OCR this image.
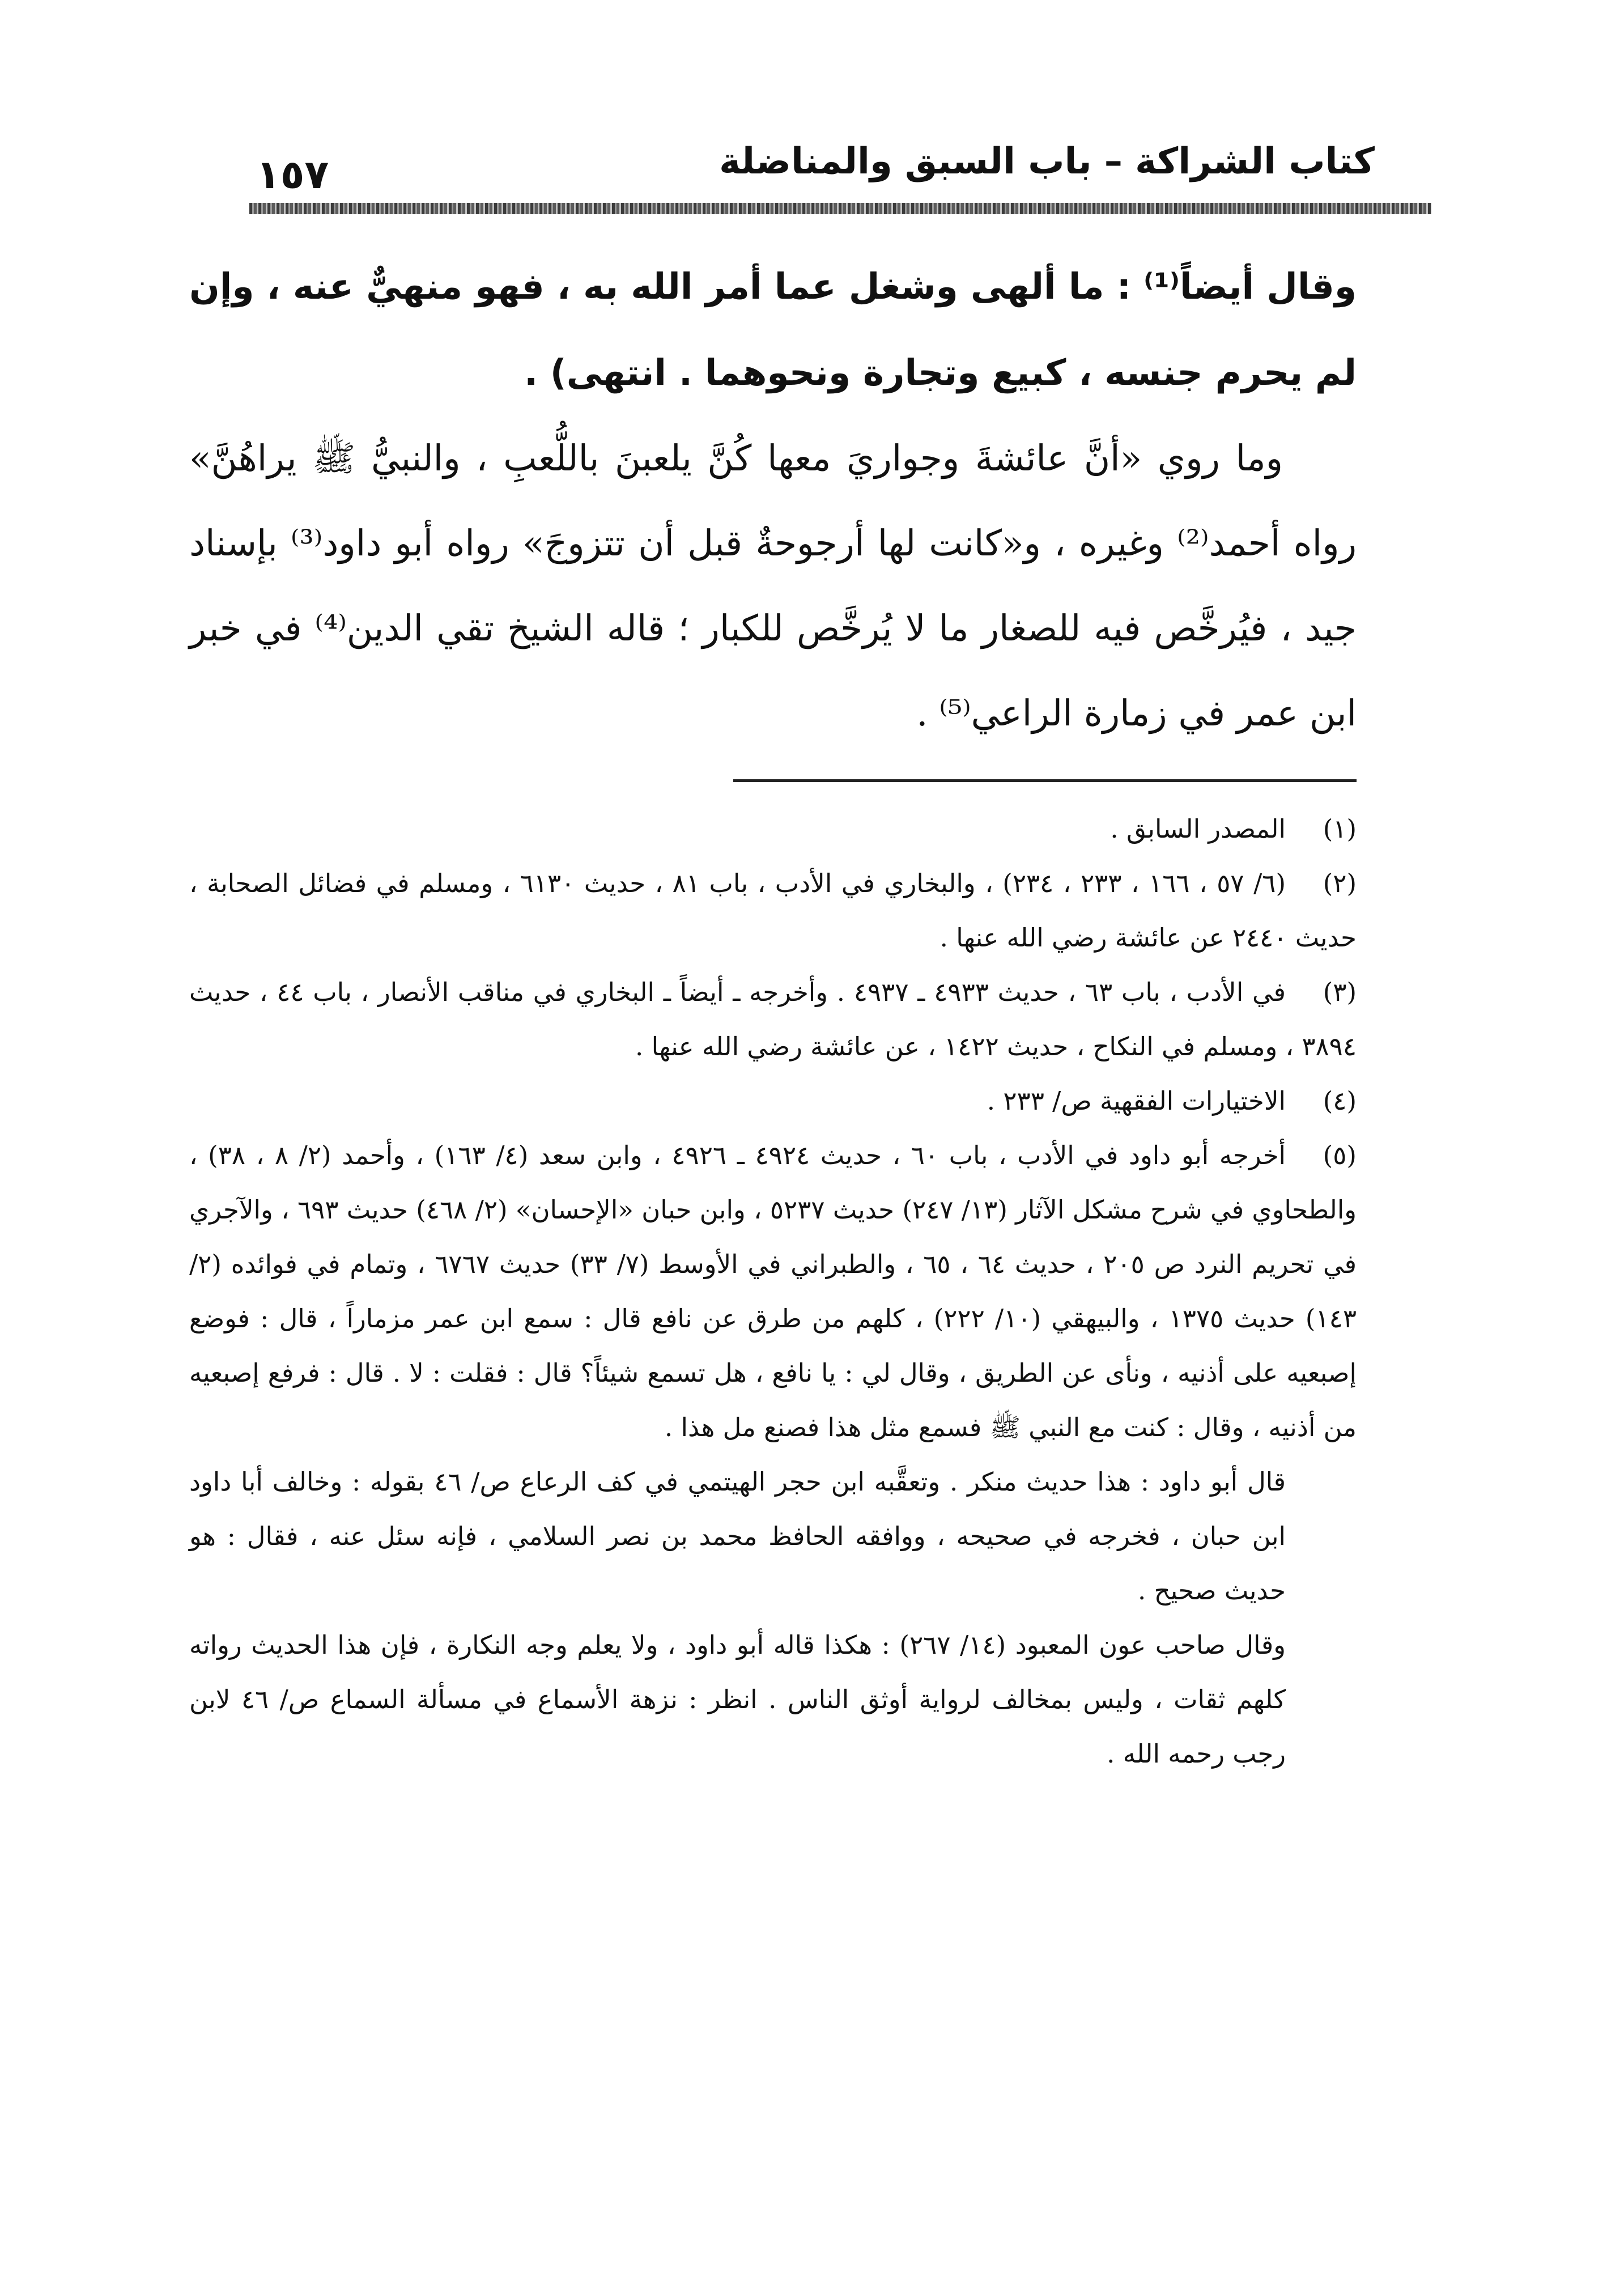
كتاب الشراكة – باب السبق والمناضلة
١٥٧

وقال أيضاً⁽¹⁾ : ما ألهى وشغل عما أمر الله به ، فهو منهيٌّ عنه ، وإن لم يحرم جنسه ، كبيع وتجارة ونحوهما . انتهى) .

وما روي «أنَّ عائشةَ وجواريَ معها كُنَّ يلعبنَ باللُّعبِ ، والنبيُّ ﷺ يراهُنَّ» رواه أحمد⁽²⁾ وغيره ، و«كانت لها أرجوحةٌ قبل أن تتزوجَ» رواه أبو داود⁽³⁾ بإسناد جيد ، فيُرخَّص فيه للصغار ما لا يُرخَّص للكبار ؛ قاله الشيخ تقي الدين⁽⁴⁾ في خبر ابن عمر في زمارة الراعي⁽⁵⁾ .

(١)المصدر السابق .

(٢)(٦/ ٥٧ ، ١٦٦ ، ٢٣٣ ، ٢٣٤) ، والبخاري في الأدب ، باب ٨١ ، حديث ٦١٣٠ ، ومسلم في فضائل الصحابة ، حديث ٢٤٤٠ عن عائشة رضي الله عنها .

(٣)في الأدب ، باب ٦٣ ، حديث ٤٩٣٣ ـ ٤٩٣٧ . وأخرجه ـ أيضاً ـ البخاري في مناقب الأنصار ، باب ٤٤ ، حديث ٣٨٩٤ ، ومسلم في النكاح ، حديث ١٤٢٢ ، عن عائشة رضي الله عنها .

(٤)الاختيارات الفقهية ص/ ٢٣٣ .

(٥)أخرجه أبو داود في الأدب ، باب ٦٠ ، حديث ٤٩٢٤ ـ ٤٩٢٦ ، وابن سعد (٤/ ١٦٣) ، وأحمد (٢/ ٨ ، ٣٨) ، والطحاوي في شرح مشكل الآثار (١٣/ ٢٤٧) حديث ٥٢٣٧ ، وابن حبان «الإحسان» (٢/ ٤٦٨) حديث ٦٩٣ ، والآجري في تحريم النرد ص ٢٠٥ ، حديث ٦٤ ، ٦٥ ، والطبراني في الأوسط (٧/ ٣٣) حديث ٦٧٦٧ ، وتمام في فوائده (٢/ ١٤٣) حديث ١٣٧٥ ، والبيهقي (١٠/ ٢٢٢) ، كلهم من طرق عن نافع قال : سمع ابن عمر مزماراً ، قال : فوضع إصبعيه على أذنيه ، ونأى عن الطريق ، وقال لي : يا نافع ، هل تسمع شيئاً؟ قال : فقلت : لا . قال : فرفع إصبعيه من أذنيه ، وقال : كنت مع النبي ﷺ فسمع مثل هذا فصنع مل هذا .

قال أبو داود : هذا حديث منكر . وتعقَّبه ابن حجر الهيتمي في كف الرعاع ص/ ٤٦ بقوله : وخالف أبا داود ابن حبان ، فخرجه في صحيحه ، ووافقه الحافظ محمد بن نصر السلامي ، فإنه سئل عنه ، فقال : هو حديث صحيح .

وقال صاحب عون المعبود (١٤/ ٢٦٧) : هكذا قاله أبو داود ، ولا يعلم وجه النكارة ، فإن هذا الحديث رواته كلهم ثقات ، وليس بمخالف لرواية أوثق الناس . انظر : نزهة الأسماع في مسألة السماع ص/ ٤٦ لابن رجب رحمه الله .
